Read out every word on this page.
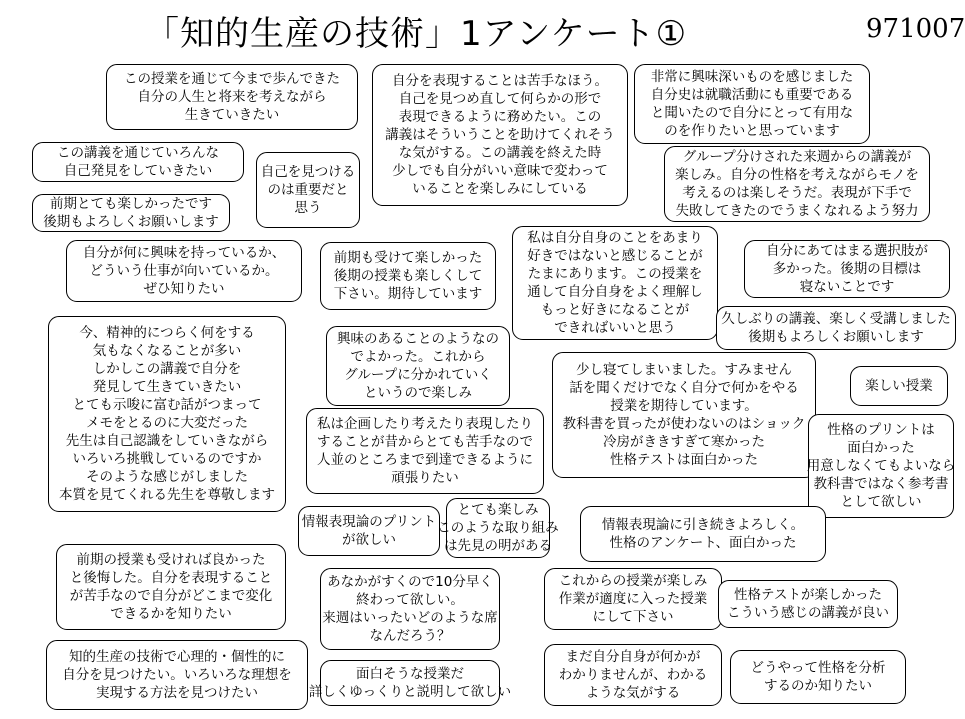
「知的生産の技術」1アンケート①	971007
この授業を通じて今まで歩んできた
自分の人生と将来を考えながら
生きていきたい
自分を表現することは苦手なほう。
自己を見つめ直して何らかの形で
表現できるように務めたい。この
講義はそういうことを助けてくれそう
な気がする。この講義を終えた時
少しでも自分がいい意味で変わって
いることを楽しみにしている
非常に興味深いものを感じました
自分史は就職活動にも重要である
と聞いたので自分にとって有用な
のを作りたいと思っています
この講義を通じていろんな
自己発見をしていきたい	自己を見つける
のは重要だと
思う
グループ分けされた来週からの講義が
楽しみ。自分の性格を考えながらモノを
考えるのは楽しそうだ。表現が下手で
失敗してきたのでうまくなれるよう努力
前期とても楽しかったです
後期もよろしくお願いします
自分が何に興味を持っているか、
どういう仕事が向いているか。
ぜひ知りたい
前期も受けて楽しかった
後期の授業も楽しくして
下さい。期待しています
私は自分自身のことをあまり
好きではないと感じることが
たまにあります。この授業を
通して自分自身をよく理解し
もっと好きになることが
できればいいと思う
自分にあてはまる選択肢が
多かった。後期の目標は
寝ないことです
久しぶりの講義、楽しく受講しました
後期もよろしくお願いします
今、精神的につらく何をする
気もなくなることが多い
しかしこの講義で自分を
発見して生きていきたい
とても示唆に富む話がつまって
メモをとるのに大変だった
先生は自己認識をしていきながら
いろいろ挑戦しているのですか
そのような感じがしました
本質を見てくれる先生を尊敬します
興味のあることのようなの
でよかった。これから
グループに分かれていく
というので楽しみ
少し寝てしまいました。すみません
話を聞くだけでなく自分で何かをやる
授業を期待しています。
教科書を買ったが使わないのはショック
冷房がききすぎて寒かった
性格テストは面白かった
楽しい授業
私は企画したり考えたり表現したり
することが昔からとても苦手なので
人並のところまで到達できるように
頑張りたい
性格のプリントは
面白かった
用意しなくてもよいなら
教科書ではなく参考書
として欲しい
情報表現論のプリント
が欲しい
とても楽しみ
このような取り組み
は先見の明がある
情報表現論に引き続きよろしく。
性格のアンケート、面白かった
前期の授業も受ければ良かった
と後悔した。自分を表現すること
が苦手なので自分がどこまで変化
できるかを知りたい
あなかがすくので10分早く
終わって欲しい。
来週はいったいどのような席
なんだろう？
これからの授業が楽しみ
作業が適度に入った授業
にして下さい
性格テストが楽しかった
こういう感じの講義が良い
知的生産の技術で心理的・個性的に
自分を見つけたい。いろいろな理想を
実現する方法を見つけたい
面白そうな授業だ
詳しくゆっくりと説明して欲しい
まだ自分自身が何かが
わかりませんが、わかる
ような気がする
どうやって性格を分析
するのか知りたい
